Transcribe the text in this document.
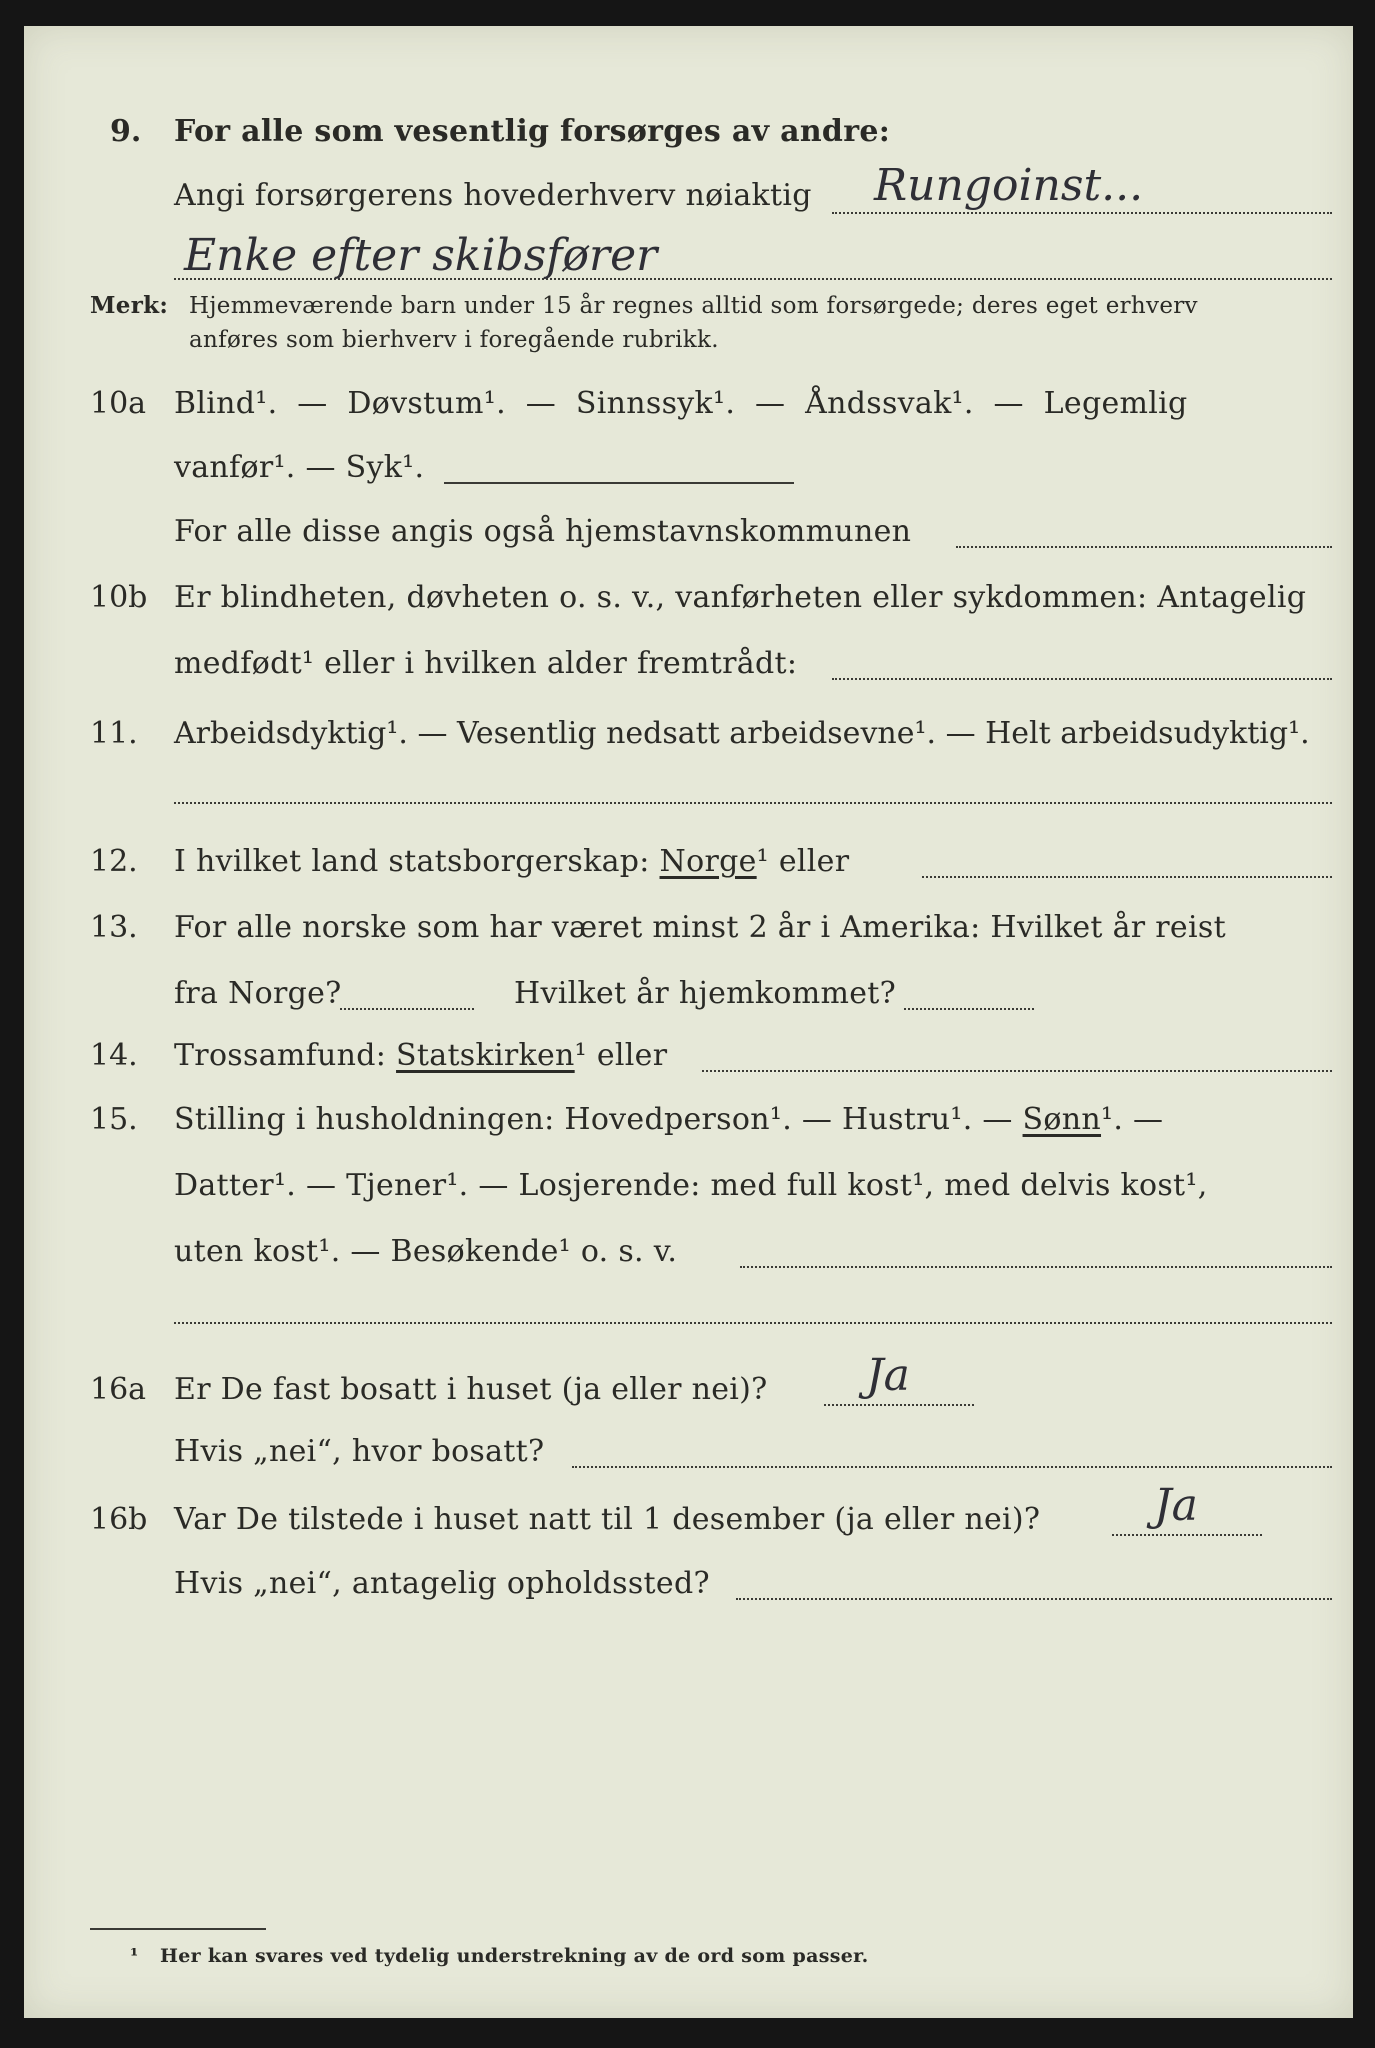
9. For alle som vesentlig forsørges av andre:
Angi forsørgerens hovederhverv nøiaktig Rungoinst...
Enke efter skibsfører
Merk: Hjemmeværende barn under 15 år regnes alltid som forsørgede; deres eget erhverv
anføres som bierhverv i foregående rubrikk.
10a Blind¹. — Døvstum¹. — Sinnssyk¹. — Åndssvak¹. — Legemlig
vanfør¹. — Syk¹.
For alle disse angis også hjemstavnskommunen
10b Er blindheten, døvheten o. s. v., vanførheten eller sykdommen: Antagelig
medfødt¹ eller i hvilken alder fremtrådt:
11. Arbeidsdyktig¹. — Vesentlig nedsatt arbeidsevne¹. — Helt arbeidsudyktig¹.
12. I hvilket land statsborgerskap: Norge¹ eller
13. For alle norske som har været minst 2 år i Amerika: Hvilket år reist
fra Norge?	Hvilket år hjemkommet?
14. Trossamfund: Statskirken¹ eller
15. Stilling i husholdningen: Hovedperson¹. — Hustru¹. — Sønn¹. —
Datter¹. — Tjener¹. — Losjerende: med full kost¹, med delvis kost¹,
uten kost¹. — Besøkende¹ o. s. v.
16a Er De fast bosatt i huset (ja eller nei)? Ja
Hvis „nei“, hvor bosatt?
16b Var De tilstede i huset natt til 1 desember (ja eller nei)?	Ja
Hvis „nei“, antagelig opholdssted?
¹ Her kan svares ved tydelig understrekning av de ord som passer.
